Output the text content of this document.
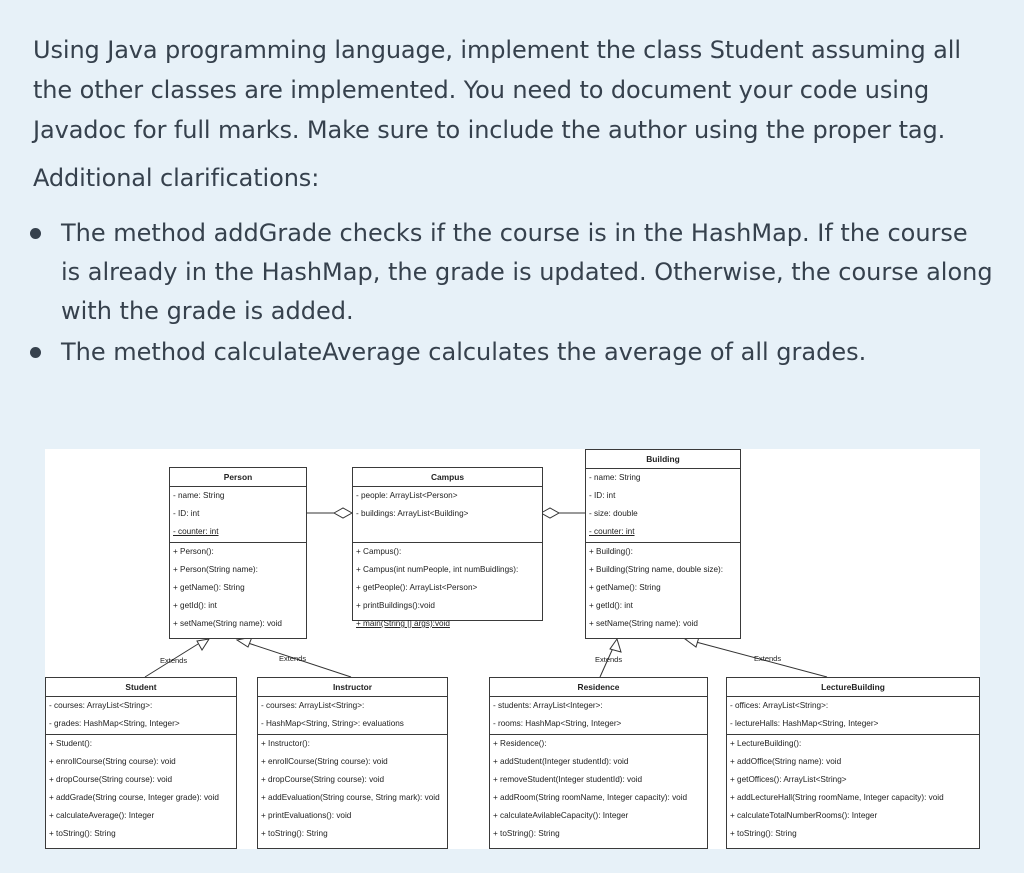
Using Java programming language, implement the class Student assuming all the other classes are implemented. You need to document your code using Javadoc for full marks. Make sure to include the author using the proper tag.

Additional clarifications:

The method addGrade checks if the course is in the HashMap. If the course is already in the HashMap, the grade is updated. Otherwise, the course along with the grade is added.
The method calculateAverage calculates the average of all grades.
Extends	Extends	Extends	Extends
Person
- name: String
- ID: int
- counter: int
+ Person():
+ Person(String name):
+ getName(): String
+ getId(): int
+ setName(String name): void
Campus
- people: ArrayList<Person>
- buildings: ArrayList<Building>
+ Campus():
+ Campus(int numPeople, int numBuidlings):
+ getPeople(): ArrayList<Person>
+ printBuildings():void
+ main(String [] args):void
Building
- name: String
- ID: int
- size: double
- counter: int
+ Building():
+ Building(String name, double size):
+ getName(): String
+ getId(): int
+ setName(String name): void
Student
- courses: ArrayList<String>:
- grades: HashMap<String, Integer>
+ Student():
+ enrollCourse(String course): void
+ dropCourse(String course): void
+ addGrade(String course, Integer grade): void
+ calculateAverage(): Integer
+ toString(): String
Instructor
- courses: ArrayList<String>:
- HashMap<String, String>: evaluations
+ Instructor():
+ enrollCourse(String course): void
+ dropCourse(String course): void
+ addEvaluation(String course, String mark): void
+ printEvaluations(): void
+ toString(): String
Residence
- students: ArrayList<Integer>:
- rooms: HashMap<String, Integer>
+ Residence():
+ addStudent(Integer studentId): void
+ removeStudent(Integer studentId): void
+ addRoom(String roomName, Integer capacity): void
+ calculateAvilableCapacity(): Integer
+ toString(): String
LectureBuilding
- offices: ArrayList<String>:
- lectureHalls: HashMap<String, Integer>
+ LectureBuilding():
+ addOffice(String name): void
+ getOffices(): ArrayList<String>
+ addLectureHall(String roomName, Integer capacity): void
+ calculateTotalNumberRooms(): Integer
+ toString(): String
